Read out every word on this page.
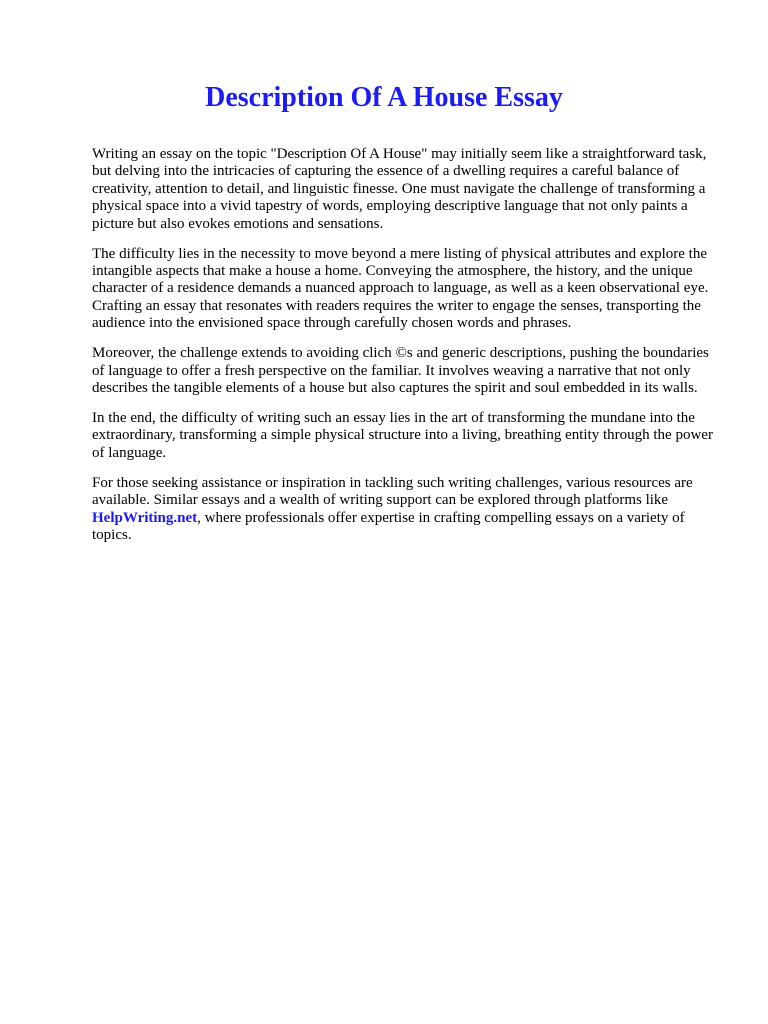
Description Of A House Essay

Writing an essay on the topic "Description Of A House" may initially seem like a straightforward task, but delving into the intricacies of capturing the essence of a dwelling requires a careful balance of creativity, attention to detail, and linguistic finesse. One must navigate the challenge of transforming a physical space into a vivid tapestry of words, employing descriptive language that not only paints a picture but also evokes emotions and sensations.

The difficulty lies in the necessity to move beyond a mere listing of physical attributes and explore the intangible aspects that make a house a home. Conveying the atmosphere, the history, and the unique character of a residence demands a nuanced approach to language, as well as a keen observational eye. Crafting an essay that resonates with readers requires the writer to engage the senses, transporting the audience into the envisioned space through carefully chosen words and phrases.

Moreover, the challenge extends to avoiding clich ©s and generic descriptions, pushing the boundaries of language to offer a fresh perspective on the familiar. It involves weaving a narrative that not only describes the tangible elements of a house but also captures the spirit and soul embedded in its walls.

In the end, the difficulty of writing such an essay lies in the art of transforming the mundane into the extraordinary, transforming a simple physical structure into a living, breathing entity through the power of language.

For those seeking assistance or inspiration in tackling such writing challenges, various resources are available. Similar essays and a wealth of writing support can be explored through platforms like HelpWriting.net, where professionals offer expertise in crafting compelling essays on a variety of topics.
